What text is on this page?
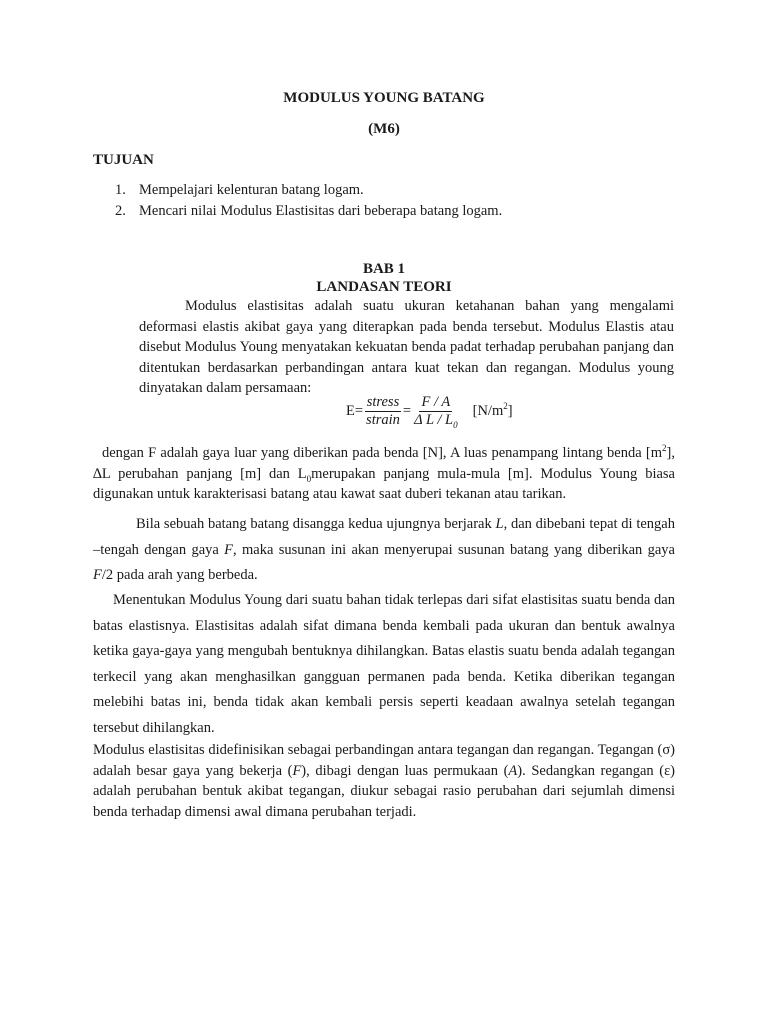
MODULUS YOUNG BATANG

(M6)

TUJUAN

1. Mempelajari kelenturan batang logam.
2. Mencari nilai Modulus Elastisitas dari beberapa batang logam.

BAB 1

LANDASAN TEORI

Modulus elastisitas adalah suatu ukuran ketahanan bahan yang mengalami deformasi elastis akibat gaya yang diterapkan pada benda tersebut. Modulus Elastis atau disebut Modulus Young menyatakan kekuatan benda padat terhadap perubahan panjang dan ditentukan berdasarkan perbandingan antara kuat tekan dan regangan. Modulus young dinyatakan dalam persamaan:

$E= \frac{\text{stress}}{\text{strain}} = \frac{F / A}{\Delta L / L_0} [N/m^2]$

dengan F adalah gaya luar yang diberikan pada benda [N], A luas penampang lintang benda $[m^2]$, ∆L perubahan panjang [m] dan $L_0merupakan$ panjang mula-mula [m]. Modulus Young biasa digunakan untuk karakterisasi batang atau kawat saat duberi tekanan atau tarikan.

Bila sebuah batang batang disangga kedua ujungnya berjarak L, dan dibebani tepat di tengah –tengah dengan gaya F, maka susunan ini akan menyerupai susunan batang yang diberikan gaya F/2 pada arah yang berbeda.

Menentukan Modulus Young dari suatu bahan tidak terlepas dari sifat elastisitas suatu benda dan batas elastisnya. Elastisitas adalah sifat dimana benda kembali pada ukuran dan bentuk awalnya ketika gaya-gaya yang mengubah bentuknya dihilangkan. Batas elastis suatu benda adalah tegangan terkecil yang akan menghasilkan gangguan permanen pada benda. Ketika diberikan tegangan melebihi batas ini, benda tidak akan kembali persis seperti keadaan awalnya setelah tegangan tersebut dihilangkan.

Modulus elastisitas didefinisikan sebagai perbandingan antara tegangan dan regangan. Tegangan (σ) adalah besar gaya yang bekerja (F), dibagi dengan luas permukaan (A). Sedangkan regangan (ε) adalah perubahan bentuk akibat tegangan, diukur sebagai rasio perubahan dari sejumlah dimensi benda terhadap dimensi awal dimana perubahan terjadi.
